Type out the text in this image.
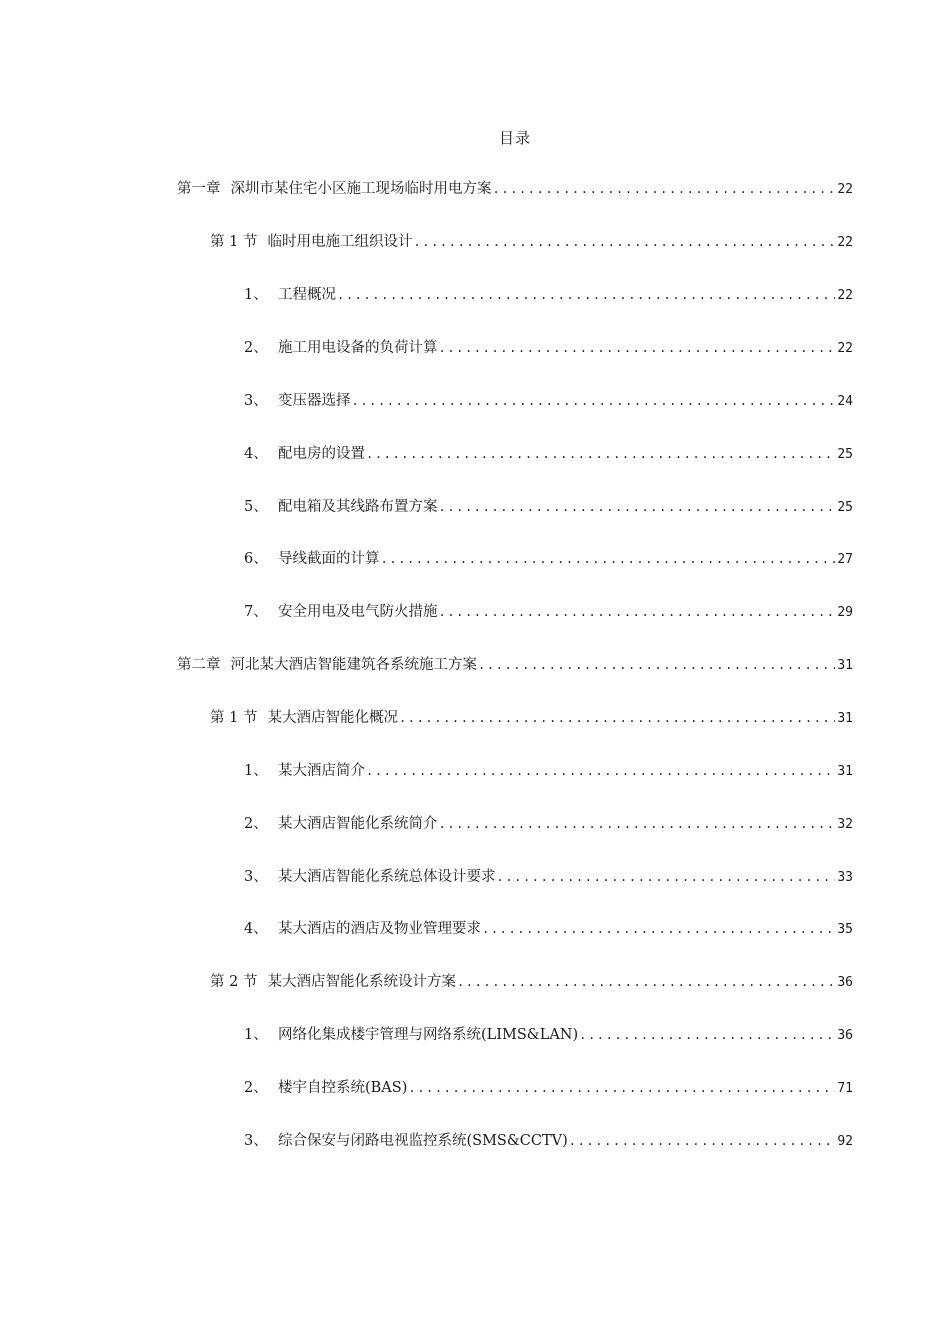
目录
第一章 深圳市某住宅小区施工现场临时用电方案 .....	22
第 1 节 临时用电施工组织设计 .....	22
1、 工程概况 .....	22
2、 施工用电设备的负荷计算 .....	22
3、 变压器选择 .....	24
4、 配电房的设置 .....	25
5、 配电箱及其线路布置方案 .....	25
6、 导线截面的计算 .....	27
7、 安全用电及电气防火措施 .....	29
第二章 河北某大酒店智能建筑各系统施工方案 .....	31
第 1 节 某大酒店智能化概况 .....	31
1、 某大酒店简介 .....	31
2、 某大酒店智能化系统简介 .....	32
3、 某大酒店智能化系统总体设计要求 .....	33
4、 某大酒店的酒店及物业管理要求 .....	35
第 2 节 某大酒店智能化系统设计方案 .....	36
1、 网络化集成楼宇管理与网络系统(LIMS&LAN) .....	36
2、 楼宇自控系统(BAS) .....	71
3、 综合保安与闭路电视监控系统(SMS&CCTV) .....	92
